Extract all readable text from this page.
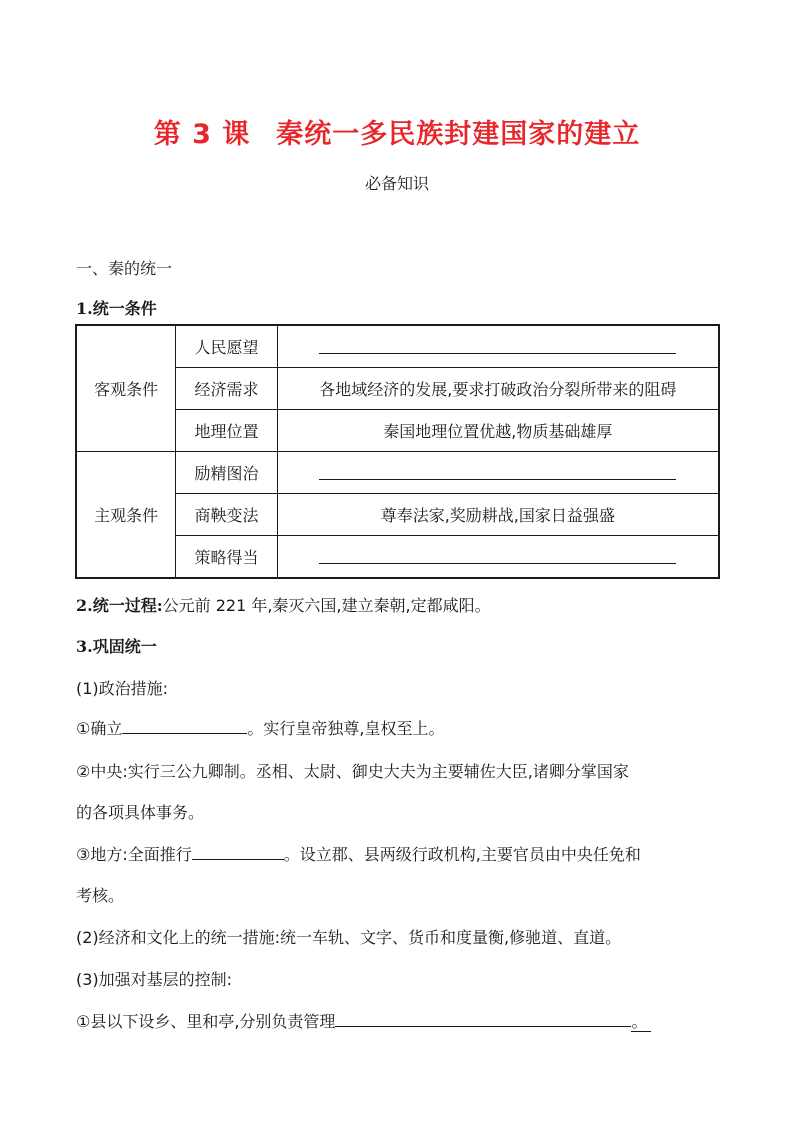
第 3 课 秦统一多民族封建国家的建立
必备知识
一、秦的统一
1.统一条件
客观条件	人民愿望	
	经济需求	各地域经济的发展,要求打破政治分裂所带来的阻碍
	地理位置	秦国地理位置优越,物质基础雄厚
主观条件	励精图治	
	商鞅变法	尊奉法家,奖励耕战,国家日益强盛
	策略得当	
2.统一过程:公元前 221 年,秦灭六国,建立秦朝,定都咸阳。
3.巩固统一
(1)政治措施:
①确立	。实行皇帝独尊,皇权至上。
②中央:实行三公九卿制。丞相、太尉、御史大夫为主要辅佐大臣,诸卿分掌国家
的各项具体事务。
③地方:全面推行	。设立郡、县两级行政机构,主要官员由中央任免和
考核。
(2)经济和文化上的统一措施:统一车轨、文字、货币和度量衡,修驰道、直道。
(3)加强对基层的控制:
①县以下设乡、里和亭,分别负责管理	。
